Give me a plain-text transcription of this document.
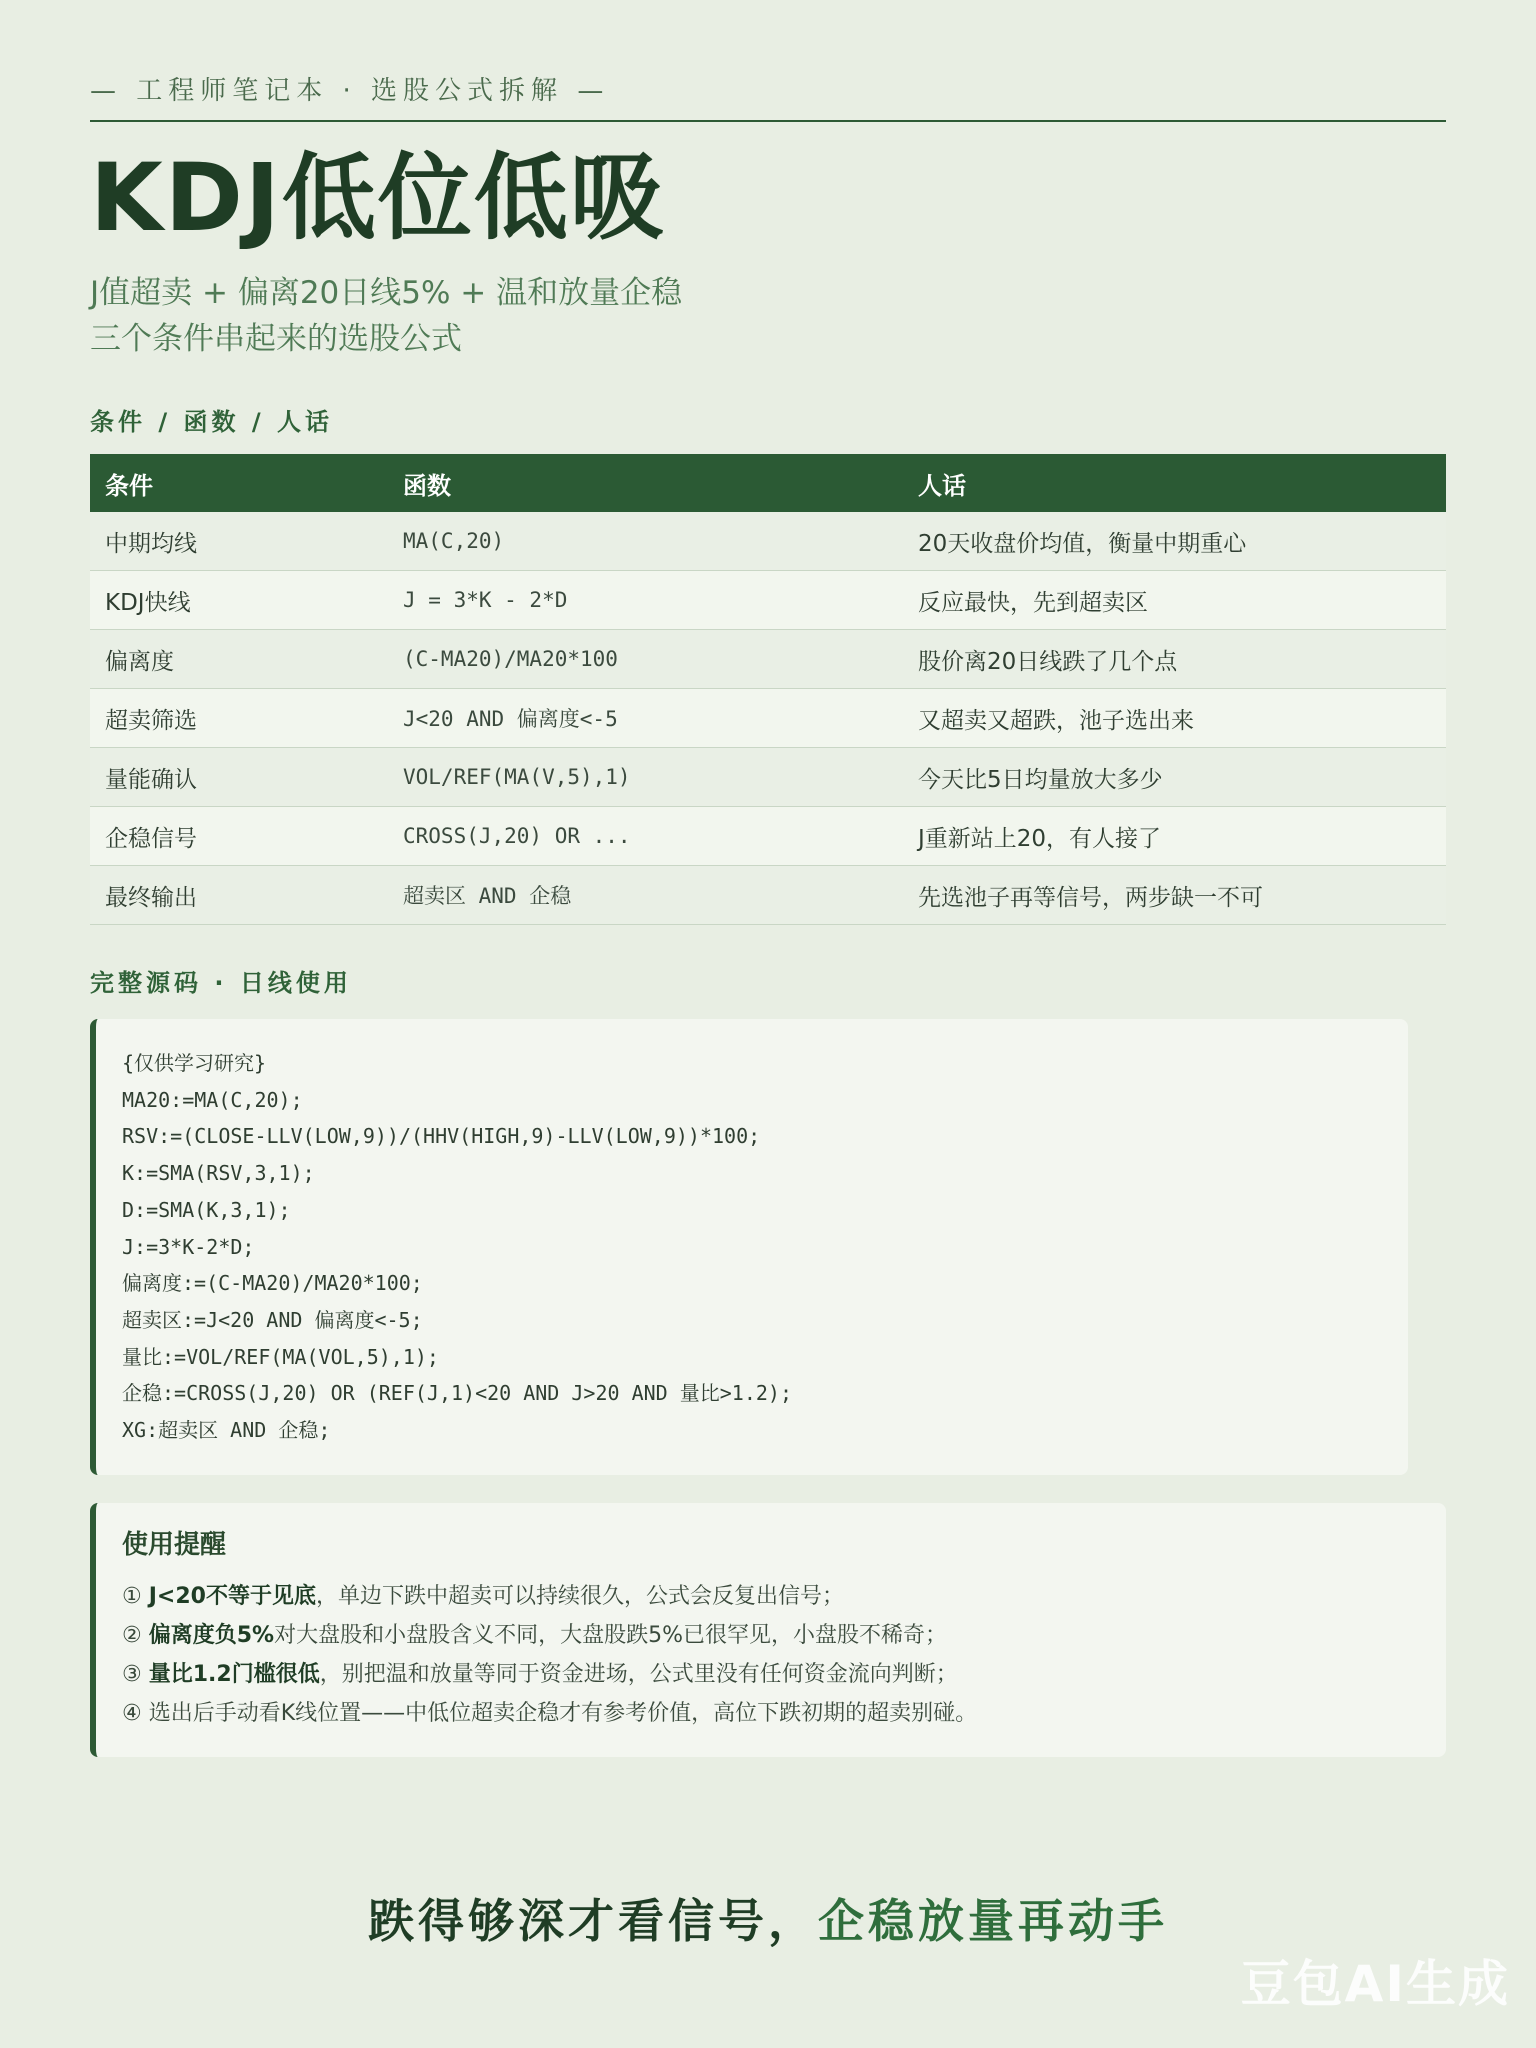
— 工程师笔记本 · 选股公式拆解 —
KDJ低位低吸
J值超卖 + 偏离20日线5% + 温和放量企稳
三个条件串起来的选股公式
条件 / 函数 / 人话
条件	函数	人话
中期均线	MA(C,20)	20天收盘价均值，衡量中期重心
KDJ快线	J = 3*K - 2*D	反应最快，先到超卖区
偏离度	(C-MA20)/MA20*100	股价离20日线跌了几个点
超卖筛选	J<20 AND 偏离度<-5	又超卖又超跌，池子选出来
量能确认	VOL/REF(MA(V,5),1)	今天比5日均量放大多少
企稳信号	CROSS(J,20) OR ...	J重新站上20，有人接了
最终输出	超卖区 AND 企稳	先选池子再等信号，两步缺一不可
完整源码 · 日线使用
{仅供学习研究}
MA20:=MA(C,20);
RSV:=(CLOSE-LLV(LOW,9))/(HHV(HIGH,9)-LLV(LOW,9))*100;
K:=SMA(RSV,3,1);
D:=SMA(K,3,1);
J:=3*K-2*D;
偏离度:=(C-MA20)/MA20*100;
超卖区:=J<20 AND 偏离度<-5;
量比:=VOL/REF(MA(VOL,5),1);
企稳:=CROSS(J,20) OR (REF(J,1)<20 AND J>20 AND 量比>1.2);
XG:超卖区 AND 企稳;
使用提醒
① J<20不等于见底，单边下跌中超卖可以持续很久，公式会反复出信号；
② 偏离度负5%对大盘股和小盘股含义不同，大盘股跌5%已很罕见，小盘股不稀奇；
③ 量比1.2门槛很低，别把温和放量等同于资金进场，公式里没有任何资金流向判断；
④ 选出后手动看K线位置——中低位超卖企稳才有参考价值，高位下跌初期的超卖别碰。
跌得够深才看信号，企稳放量再动手
豆包AI生成
